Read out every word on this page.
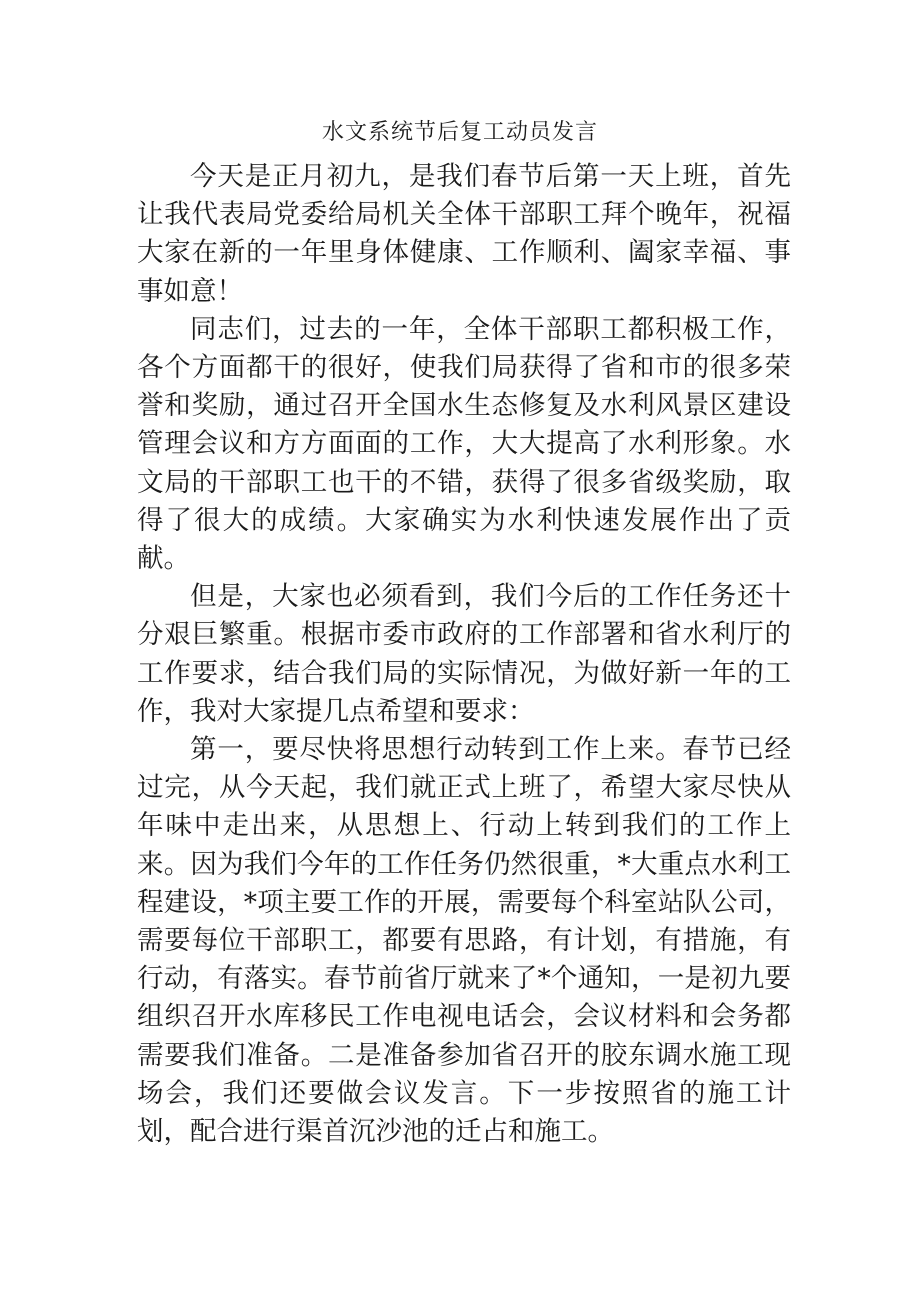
水文系统节后复工动员发言

今天是正月初九，是我们春节后第一天上班，首先让我代表局党委给局机关全体干部职工拜个晚年，祝福大家在新的一年里身体健康、工作顺利、阖家幸福、事事如意！

同志们，过去的一年，全体干部职工都积极工作，各个方面都干的很好，使我们局获得了省和市的很多荣誉和奖励，通过召开全国水生态修复及水利风景区建设管理会议和方方面面的工作，大大提高了水利形象。水文局的干部职工也干的不错，获得了很多省级奖励，取得了很大的成绩。大家确实为水利快速发展作出了贡献。

但是，大家也必须看到，我们今后的工作任务还十分艰巨繁重。根据市委市政府的工作部署和省水利厅的工作要求，结合我们局的实际情况，为做好新一年的工作，我对大家提几点希望和要求：

第一，要尽快将思想行动转到工作上来。春节已经过完，从今天起，我们就正式上班了，希望大家尽快从年味中走出来，从思想上、行动上转到我们的工作上来。因为我们今年的工作任务仍然很重，*大重点水利工程建设，*项主要工作的开展，需要每个科室站队公司，需要每位干部职工，都要有思路，有计划，有措施，有行动，有落实。春节前省厅就来了*个通知，一是初九要组织召开水库移民工作电视电话会，会议材料和会务都需要我们准备。二是准备参加省召开的胶东调水施工现场会，我们还要做会议发言。下一步按照省的施工计划，配合进行渠首沉沙池的迁占和施工。
